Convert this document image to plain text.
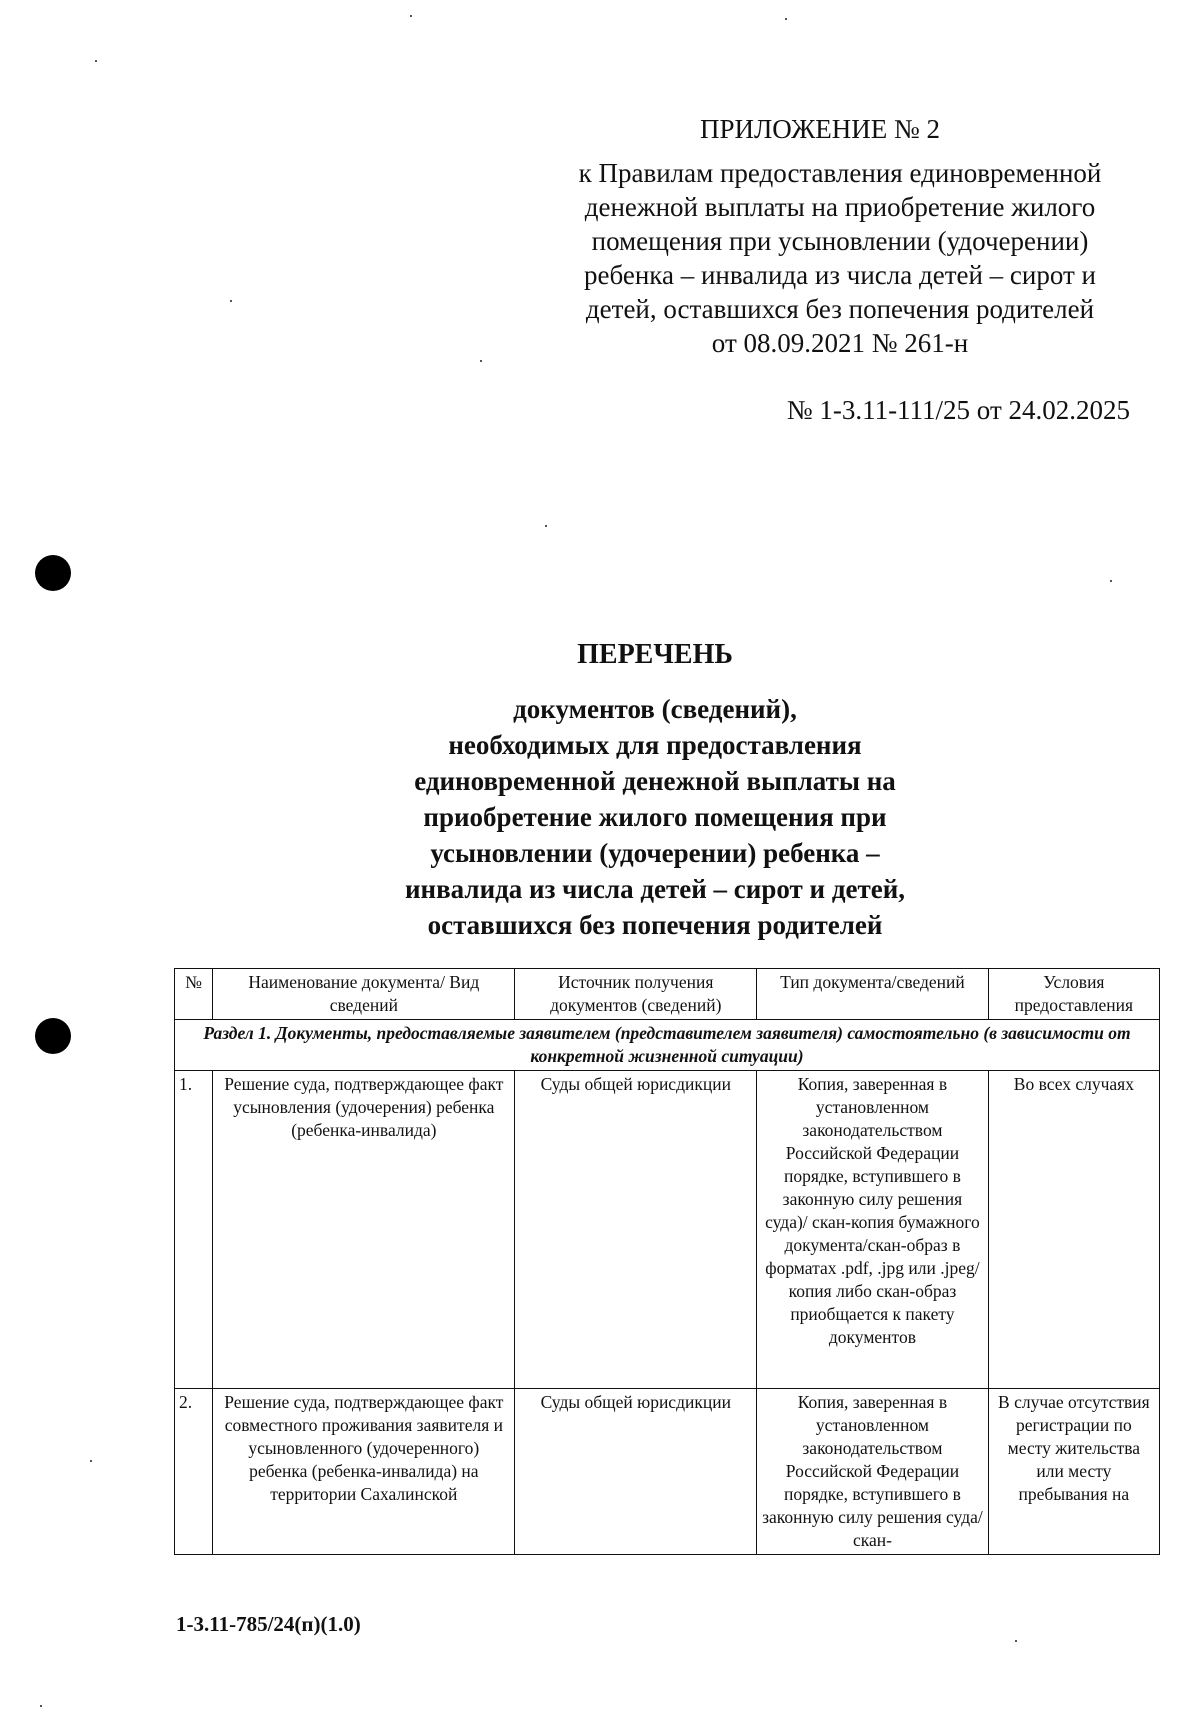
ПРИЛОЖЕНИЕ № 2
к Правилам предоставления единовременной
денежной выплаты на приобретение жилого
помещения при усыновлении (удочерении)
ребенка – инвалида из числа детей – сирот и
детей, оставшихся без попечения родителей
от 08.09.2021 № 261-н
№ 1-3.11-111/25 от 24.02.2025
ПЕРЕЧЕНЬ
документов (сведений),
необходимых для предоставления
единовременной денежной выплаты на
приобретение жилого помещения при
усыновлении (удочерении) ребенка –
инвалида из числа детей – сирот и детей,
оставшихся без попечения родителей
№	Наименование документа/ Вид сведений	Источник получения документов (сведений)	Тип документа/сведений	Условия предоставления
Раздел 1. Документы, предоставляемые заявителем (представителем заявителя) самостоятельно (в зависимости от конкретной жизненной ситуации)				
1.	Решение суда, подтверждающее факт усыновления (удочерения) ребенка (ребенка-инвалида)	Суды общей юрисдикции	Копия, заверенная в установленном законодательством Российской Федерации порядке, вступившего в законную силу решения суда)/ скан-копия бумажного документа/скан-образ в форматах .pdf, .jpg или .jpeg/ копия либо скан-образ приобщается к пакету документов	Во всех случаях
2.	Решение суда, подтверждающее факт совместного проживания заявителя и усыновленного (удочеренного) ребенка (ребенка-инвалида) на территории Сахалинской	Суды общей юрисдикции	Копия, заверенная в установленном законодательством Российской Федерации порядке, вступившего в законную силу решения суда/ скан-	В случае отсутствия регистрации по месту жительства или месту пребывания на
1-3.11-785/24(п)(1.0)
